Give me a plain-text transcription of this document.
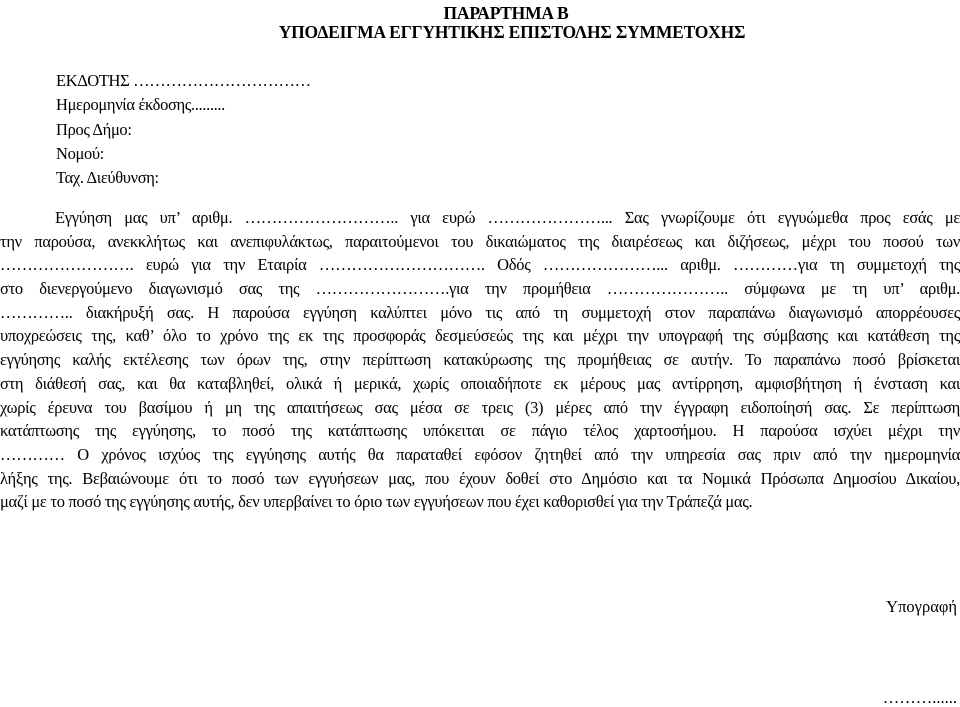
ΠΑΡΑΡΤΗΜΑ Β
ΥΠΟΔΕΙΓΜΑ ΕΓΓΥΗΤΙΚΗΣ ΕΠΙΣΤΟΛΗΣ ΣΥΜΜΕΤΟΧΗΣ
ΕΚΔΟΤΗΣ ……………………………
Ημερομηνία έκδοσης.........
Προς Δήμο:
Νομού:
Ταχ. Διεύθυνση:
Εγγύηση μας υπ’ αριθμ. ……………………….. για ευρώ …………………... Σας γνωρίζουμε ότι εγγυώμεθα προς εσάς με
την παρούσα, ανεκκλήτως και ανεπιφυλάκτως, παραιτούμενοι του δικαιώματος της διαιρέσεως και διζήσεως, μέχρι του ποσού των
……………………. ευρώ για την Εταιρία …………………………. Οδός …………………... αριθμ. …………για τη συμμετοχή της
στο διενεργούμενο διαγωνισμό σας της …………………….για την προμήθεια ………………….. σύμφωνα με τη υπ’ αριθμ.
………….. διακήρυξή σας. Η παρούσα εγγύηση καλύπτει μόνο τις από τη συμμετοχή στον παραπάνω διαγωνισμό απορρέουσες
υποχρεώσεις της, καθ’ όλο το χρόνο της εκ της προσφοράς δεσμεύσεώς της και μέχρι την υπογραφή της σύμβασης και κατάθεση της
εγγύησης καλής εκτέλεσης των όρων της, στην περίπτωση κατακύρωσης της προμήθειας σε αυτήν. Το παραπάνω ποσό βρίσκεται
στη διάθεσή σας, και θα καταβληθεί, ολικά ή μερικά, χωρίς οποιαδήποτε εκ μέρους μας αντίρρηση, αμφισβήτηση ή ένσταση και
χωρίς έρευνα του βασίμου ή μη της απαιτήσεως σας μέσα σε τρεις (3) μέρες από την έγγραφη ειδοποίησή σας. Σε περίπτωση
κατάπτωσης της εγγύησης, το ποσό της κατάπτωσης υπόκειται σε πάγιο τέλος χαρτοσήμου. Η παρούσα ισχύει μέχρι την
………… Ο χρόνος ισχύος της εγγύησης αυτής θα παραταθεί εφόσον ζητηθεί από την υπηρεσία σας πριν από την ημερομηνία
λήξης της. Βεβαιώνουμε ότι το ποσό των εγγυήσεων μας, που έχουν δοθεί στο Δημόσιο και τα Νομικά Πρόσωπα Δημοσίου Δικαίου,
μαζί με το ποσό της εγγύησης αυτής, δεν υπερβαίνει το όριο των εγγυήσεων που έχει καθορισθεί για την Τράπεζά μας.
Υπογραφή
………......
